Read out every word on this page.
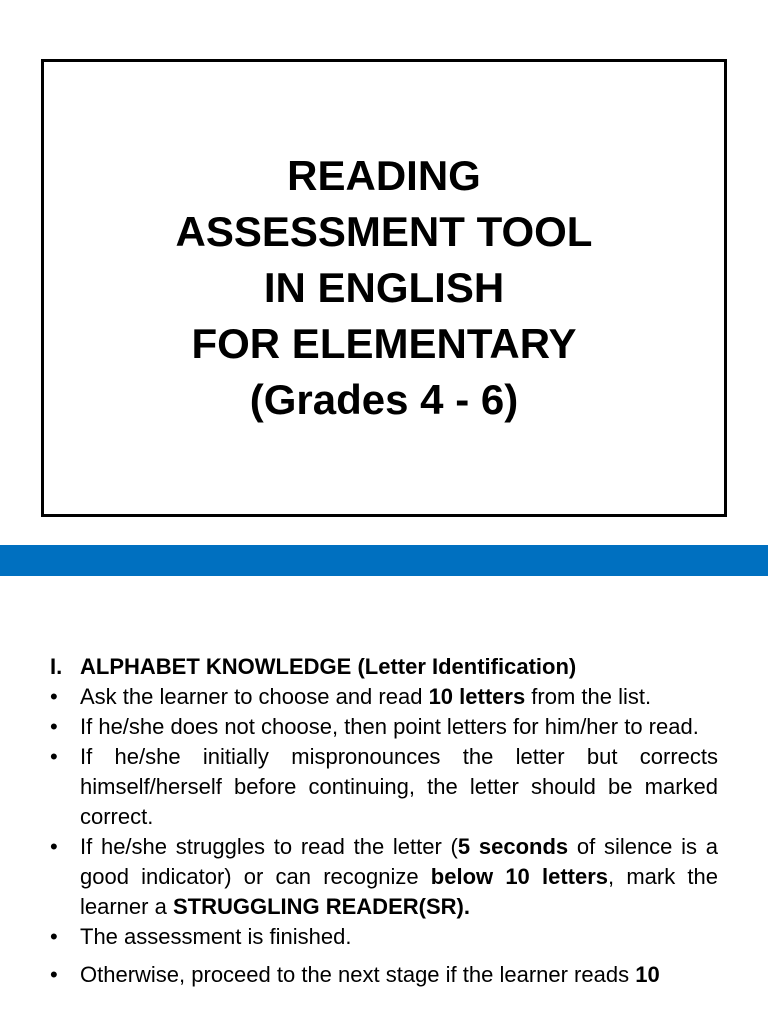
READING
ASSESSMENT TOOL
IN ENGLISH
FOR ELEMENTARY
(Grades 4 - 6)
I. ALPHABET KNOWLEDGE (Letter Identification)
•	Ask the learner to choose and read 10 letters from the list.
•	If he/she does not choose, then point letters for him/her to read.
•	If he/she initially mispronounces the letter but corrects himself/herself before continuing, the letter should be marked correct.
•	If he/she struggles to read the letter (5 seconds of silence is a good indicator) or can recognize below 10 letters, mark the learner a STRUGGLING READER(SR).
•	The assessment is finished.
•	Otherwise, proceed to the next stage if the learner reads 10
